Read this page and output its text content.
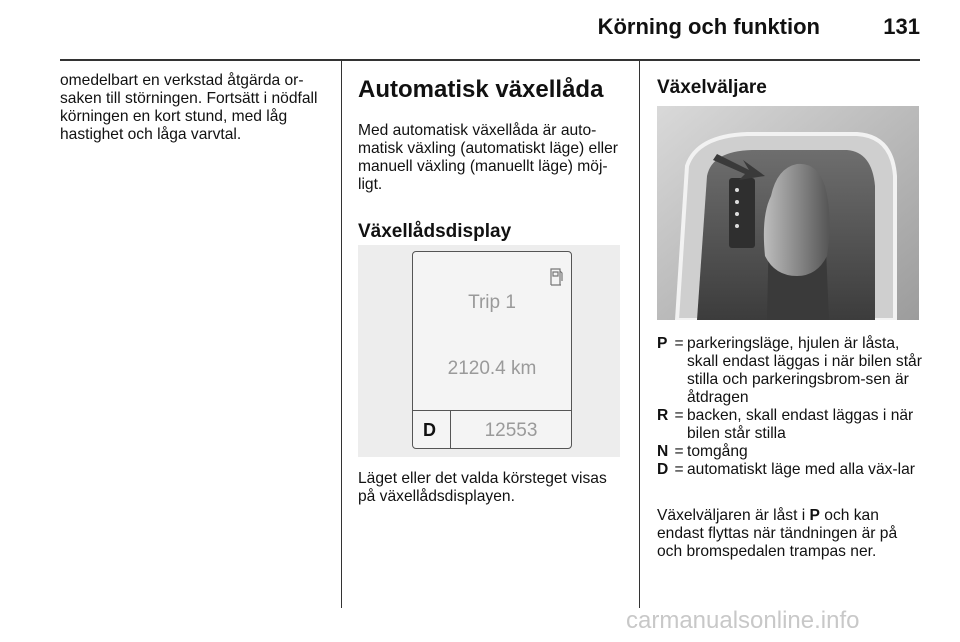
Körning och funktion	131

omedelbart en verkstad åtgärda or-saken till störningen. Fortsätt i nödfall körningen en kort stund, med låg hastighet och låga varvtal.

Automatisk växellåda

Med automatisk växellåda är auto-matisk växling (automatiskt läge) eller manuell växling (manuellt läge) möj-ligt.

Växellådsdisplay
Trip 1
2120.4 km
D	12553

Läget eller det valda körsteget visas på växellådsdisplayen.

Växelväljare
P = parkeringsläge, hjulen är låsta, skall endast läggas i när bilen står stilla och parkeringsbrom-sen är åtdragen
R = backen, skall endast läggas i när bilen står stilla
N = tomgång
D = automatiskt läge med alla väx-lar
Växelväljaren är låst i P och kan endast flyttas när tändningen är på och bromspedalen trampas ner.
carmanualsonline.info
